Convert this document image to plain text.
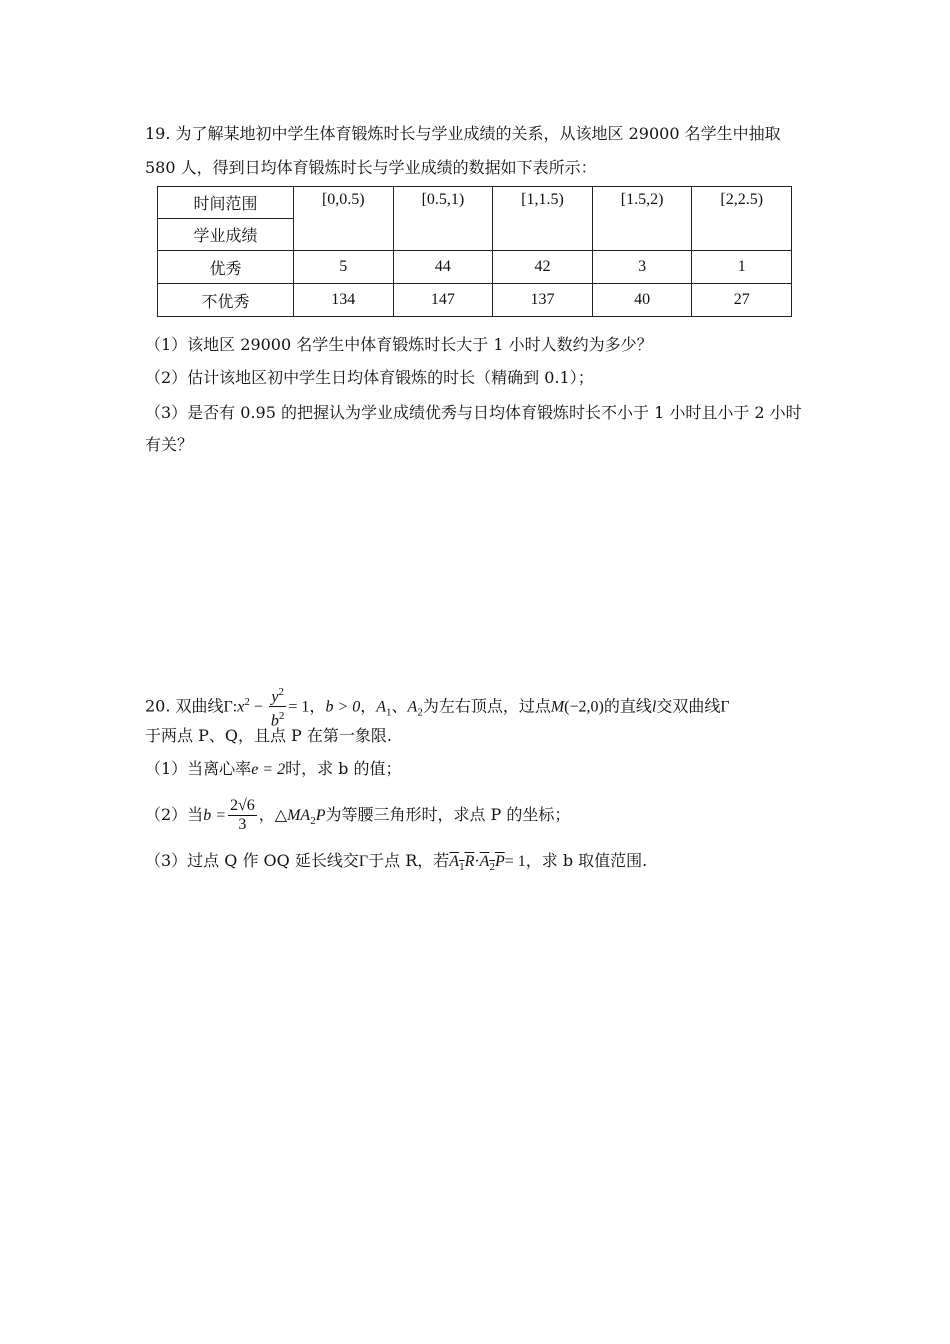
19. 为了解某地初中学生体育锻炼时长与学业成绩的关系，从该地区 29000 名学生中抽取
580 人，得到日均体育锻炼时长与学业成绩的数据如下表所示：
时间范围	[0,0.5)	[0.5,1)	[1,1.5)	[1.5,2)	[2,2.5)
学业成绩					
优秀	5	44	42	3	1
不优秀	134	147	137	40	27
（1）该地区 29000 名学生中体育锻炼时长大于 1 小时人数约为多少？
（2）估计该地区初中学生日均体育锻炼的时长（精确到 0.1）；
（3）是否有 0.95 的把握认为学业成绩优秀与日均体育锻炼时长不小于 1 小时且小于 2 小时
有关？
20. 双曲线$\Gamma:x^2 - \frac{y^2}{b^2} = 1$，b > 0，$A_1$、$A_2$为左右顶点，过点M(−2,0)的直线l交双曲线Γ
于两点 P、Q，且点 P 在第一象限.
（1）当离心率e = 2时，求 b 的值；
（2）当$b = \frac{2√6}{3}$ ，$\triangle MA_2P$为等腰三角形时，求点 P 的坐标；
（3）过点 Q 作 OQ 延长线交Γ于点 R，若$A_1R\cdot A_2P= 1$，求 b 取值范围.
